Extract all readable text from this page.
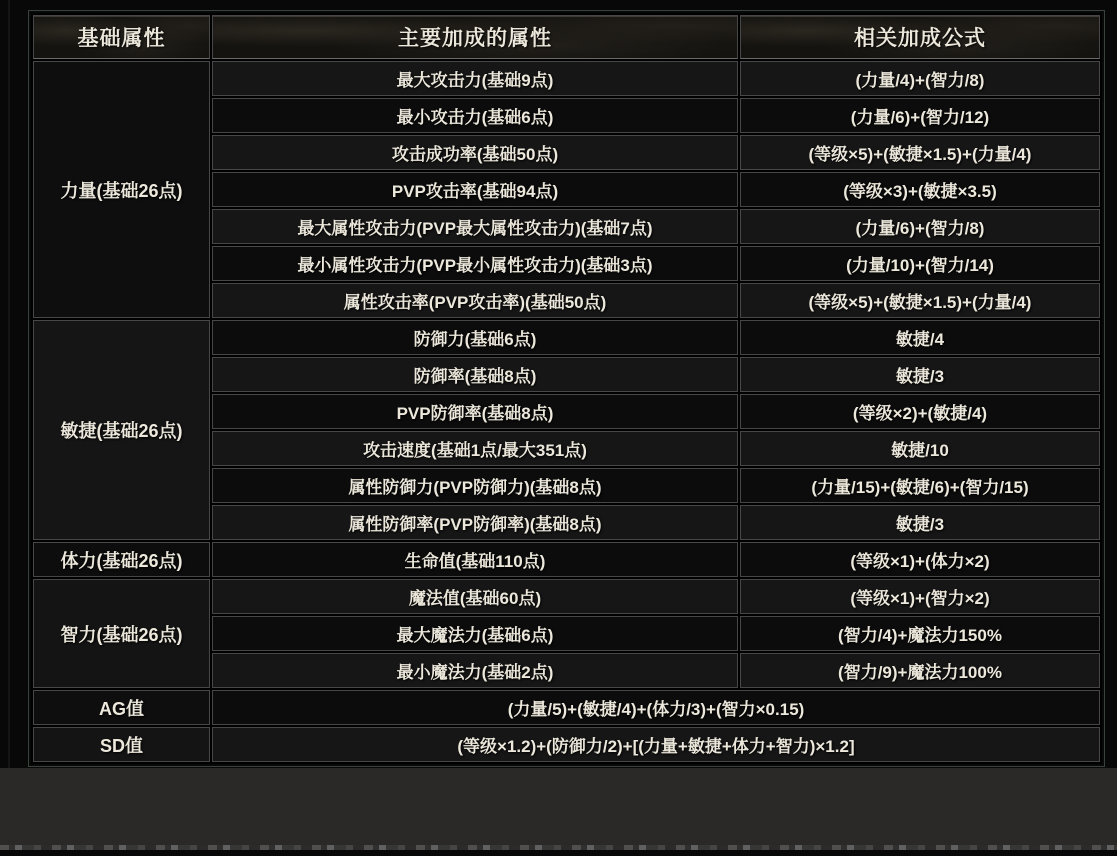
基础属性	主要加成的属性	相关加成公式
力量(基础26点)	最大攻击力(基础9点)	(力量/4)+(智力/8)
	最小攻击力(基础6点)	(力量/6)+(智力/12)
	攻击成功率(基础50点)	(等级×5)+(敏捷×1.5)+(力量/4)
	PVP攻击率(基础94点)	(等级×3)+(敏捷×3.5)
	最大属性攻击力(PVP最大属性攻击力)(基础7点)	(力量/6)+(智力/8)
	最小属性攻击力(PVP最小属性攻击力)(基础3点)	(力量/10)+(智力/14)
	属性攻击率(PVP攻击率)(基础50点)	(等级×5)+(敏捷×1.5)+(力量/4)
敏捷(基础26点)	防御力(基础6点)	敏捷/4
	防御率(基础8点)	敏捷/3
	PVP防御率(基础8点)	(等级×2)+(敏捷/4)
	攻击速度(基础1点/最大351点)	敏捷/10
	属性防御力(PVP防御力)(基础8点)	(力量/15)+(敏捷/6)+(智力/15)
	属性防御率(PVP防御率)(基础8点)	敏捷/3
体力(基础26点)	生命值(基础110点)	(等级×1)+(体力×2)
智力(基础26点)	魔法值(基础60点)	(等级×1)+(智力×2)
	最大魔法力(基础6点)	(智力/4)+魔法力150%
	最小魔法力(基础2点)	(智力/9)+魔法力100%
AG值	(力量/5)+(敏捷/4)+(体力/3)+(智力×0.15)	
SD值	(等级×1.2)+(防御力/2)+[(力量+敏捷+体力+智力)×1.2]	
